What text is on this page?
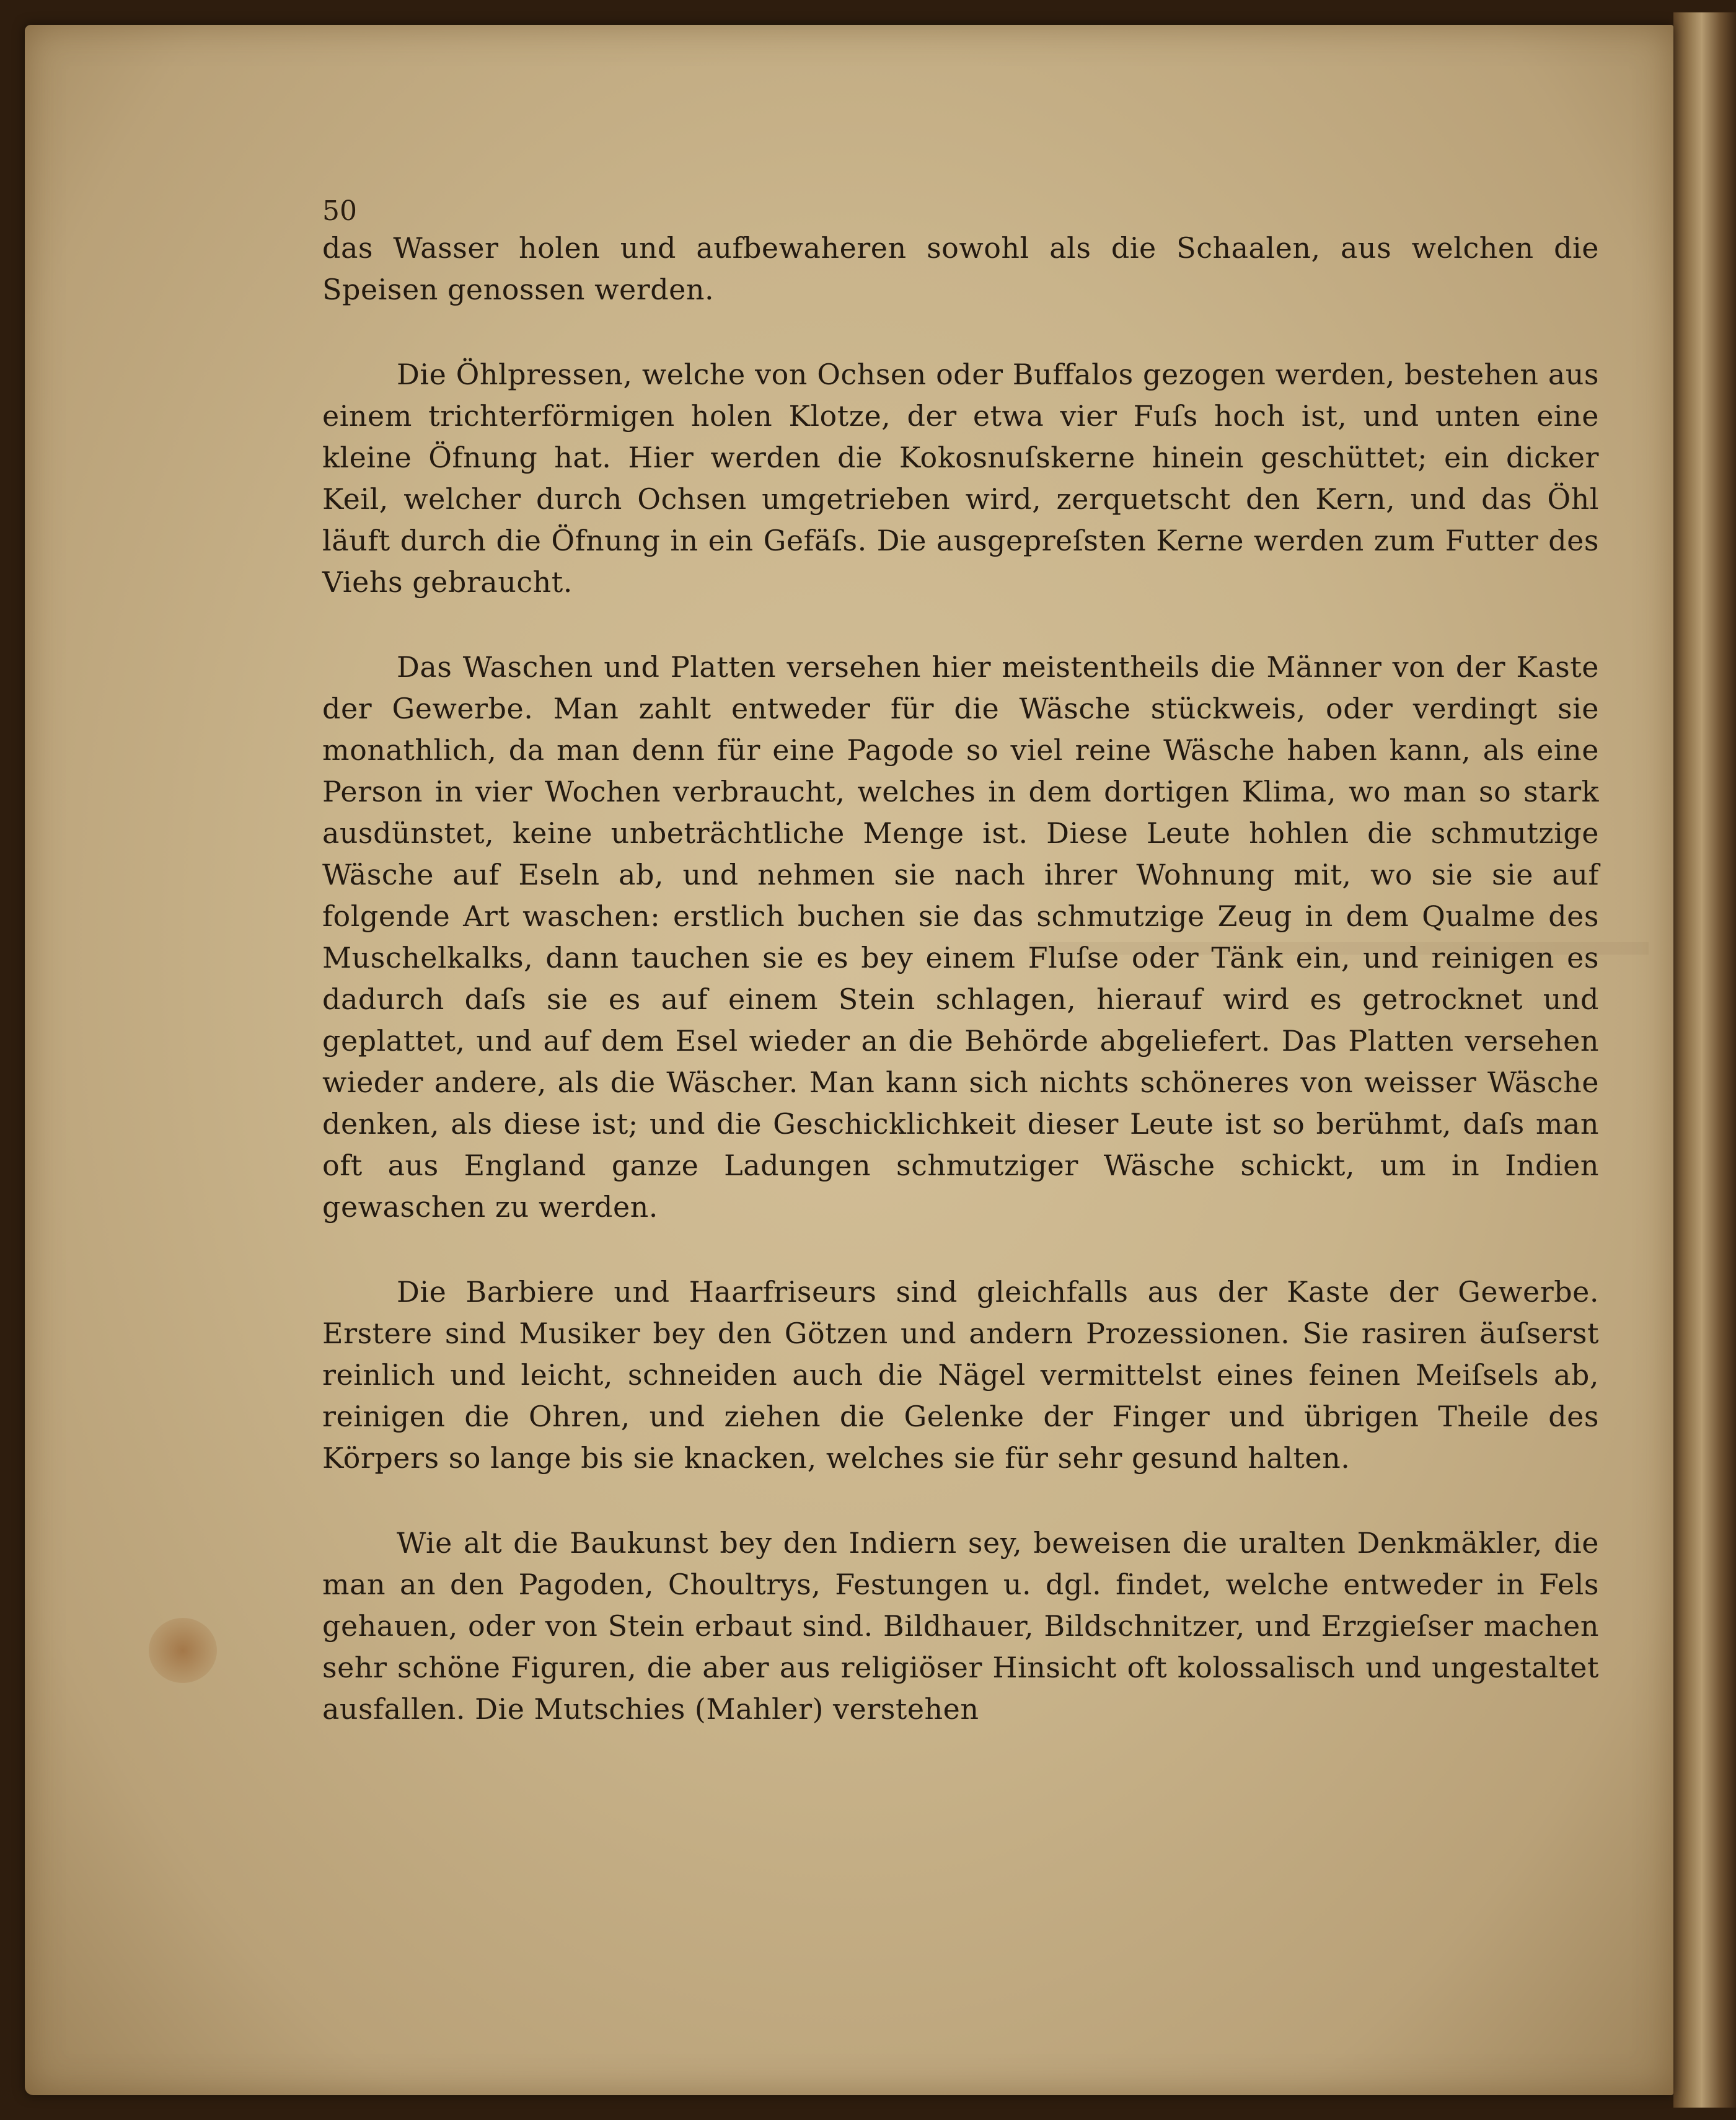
50

das Wasser holen und aufbewaheren sowohl als die Schaalen, aus welchen die Speisen genossen werden.

Die Öhlpressen, welche von Ochsen oder Buffalos gezogen werden, bestehen aus einem trichterförmigen holen Klotze, der etwa vier Fuſs hoch ist, und unten eine kleine Öfnung hat. Hier werden die Kokosnuſskerne hinein geschüttet; ein dicker Keil, welcher durch Ochsen umgetrieben wird, zerquetscht den Kern, und das Öhl läuft durch die Öfnung in ein Gefäſs. Die ausgepreſsten Kerne werden zum Futter des Viehs gebraucht.

Das Waschen und Platten versehen hier meistentheils die Männer von der Kaste der Gewerbe. Man zahlt entweder für die Wäsche stückweis, oder verdingt sie monathlich, da man denn für eine Pagode so viel reine Wäsche haben kann, als eine Person in vier Wochen verbraucht, welches in dem dortigen Klima, wo man so stark ausdünstet, keine unbeträchtliche Menge ist. Diese Leute hohlen die schmutzige Wäsche auf Eseln ab, und nehmen sie nach ihrer Wohnung mit, wo sie sie auf folgende Art waschen: erstlich buchen sie das schmutzige Zeug in dem Qualme des Muschelkalks, dann tauchen sie es bey einem Fluſse oder Tänk ein, und reinigen es dadurch daſs sie es auf einem Stein schlagen, hierauf wird es getrocknet und geplattet, und auf dem Esel wieder an die Behörde abgeliefert. Das Platten versehen wieder andere, als die Wäscher. Man kann sich nichts schöneres von weisser Wäsche denken, als diese ist; und die Geschicklichkeit dieser Leute ist so berühmt, daſs man oft aus England ganze Ladungen schmutziger Wäsche schickt, um in Indien gewaschen zu werden.

Die Barbiere und Haarfriseurs sind gleichfalls aus der Kaste der Gewerbe. Erstere sind Musiker bey den Götzen und andern Prozessionen. Sie rasiren äuſserst reinlich und leicht, schneiden auch die Nägel vermittelst eines feinen Meiſsels ab, reinigen die Ohren, und ziehen die Gelenke der Finger und übrigen Theile des Körpers so lange bis sie knacken, welches sie für sehr gesund halten.

Wie alt die Baukunst bey den Indiern sey, beweisen die uralten Denkmäkler, die man an den Pagoden, Choultrys, Festungen u. dgl. findet, welche entweder in Fels gehauen, oder von Stein erbaut sind. Bildhauer, Bildschnitzer, und Erzgieſser machen sehr schöne Figuren, die aber aus religiöser Hinsicht oft kolossalisch und ungestaltet ausfallen. Die Mutschies (Mahler) verstehen
